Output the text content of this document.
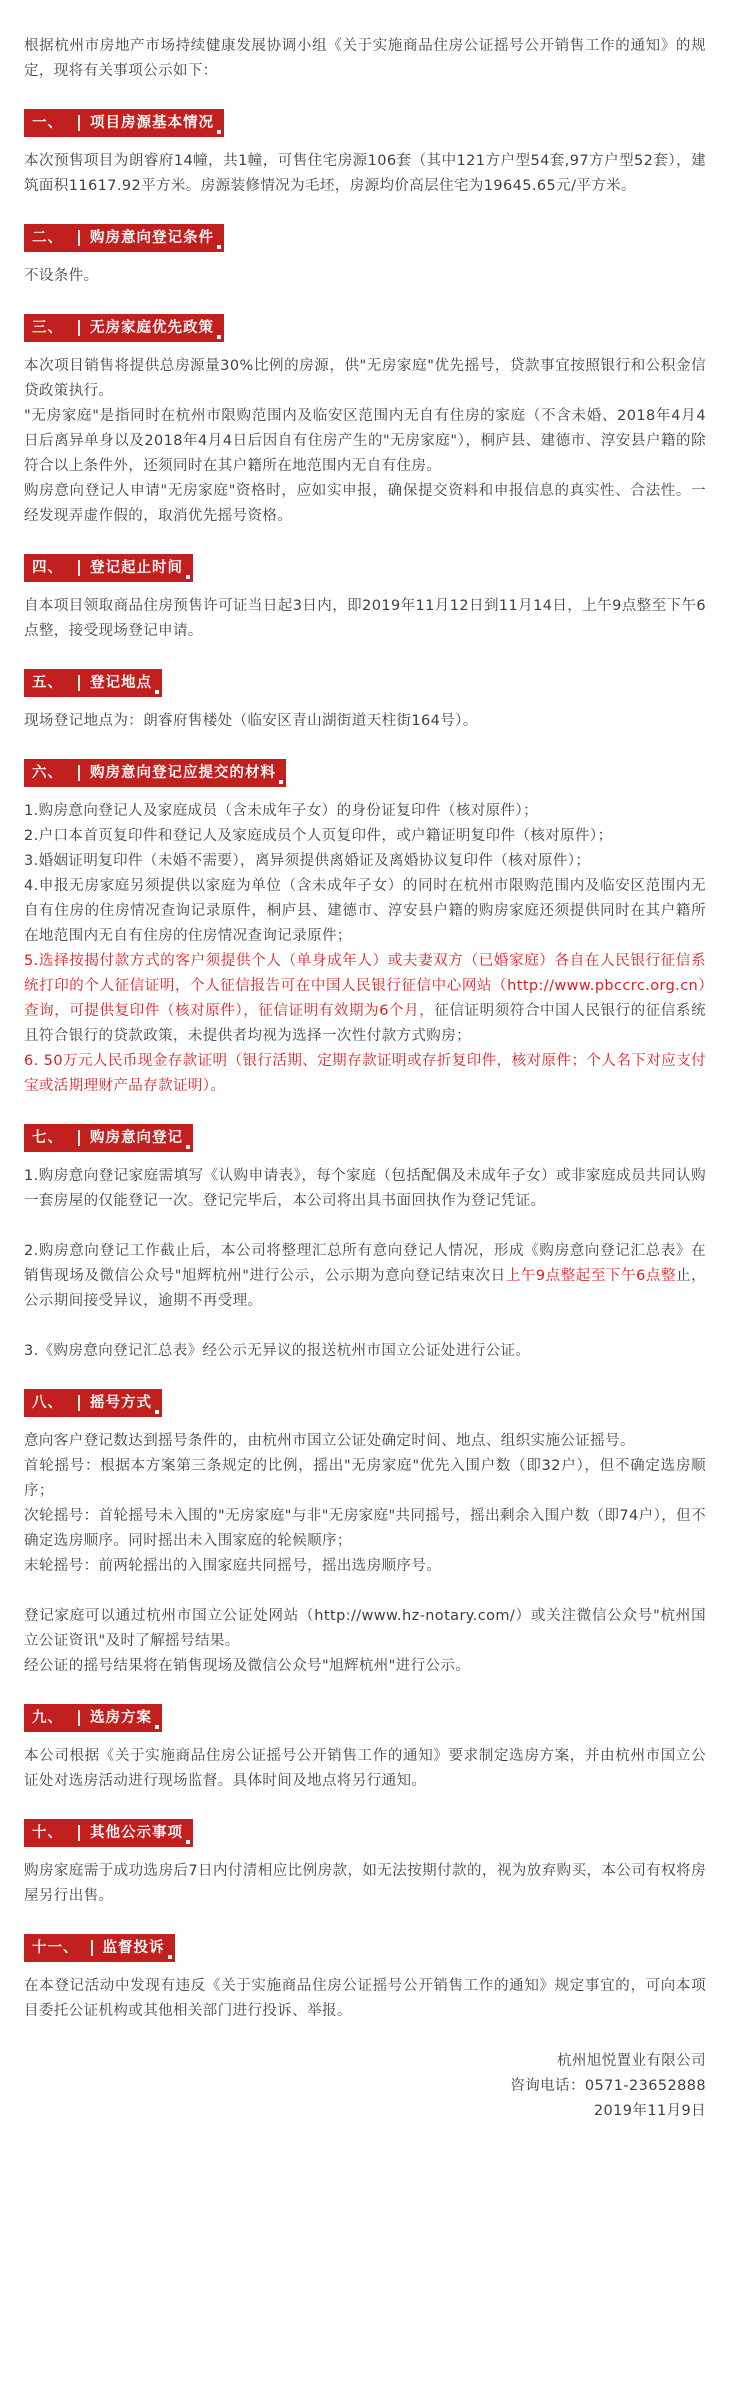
根据杭州市房地产市场持续健康发展协调小组《关于实施商品住房公证摇号公开销售工作的通知》的规定，现将有关事项公示如下：

一、 项目房源基本情况

本次预售项目为朗睿府14幢，共1幢，可售住宅房源106套（其中121方户型54套,97方户型52套），建筑面积11617.92平方米。房源装修情况为毛坯，房源均价高层住宅为19645.65元/平方米。

二、 购房意向登记条件

不设条件。

三、 无房家庭优先政策

本次项目销售将提供总房源量30%比例的房源，供"无房家庭"优先摇号，贷款事宜按照银行和公积金信贷政策执行。

"无房家庭"是指同时在杭州市限购范围内及临安区范围内无自有住房的家庭（不含未婚、2018年4月4日后离异单身以及2018年4月4日后因自有住房产生的"无房家庭"），桐庐县、建德市、淳安县户籍的除符合以上条件外，还须同时在其户籍所在地范围内无自有住房。

购房意向登记人申请"无房家庭"资格时，应如实申报，确保提交资料和申报信息的真实性、合法性。一经发现弄虚作假的，取消优先摇号资格。

四、 登记起止时间

自本项目领取商品住房预售许可证当日起3日内，即2019年11月12日到11月14日，上午9点整至下午6点整，接受现场登记申请。

五、 登记地点

现场登记地点为：朗睿府售楼处（临安区青山湖街道天柱街164号）。

六、 购房意向登记应提交的材料

1.购房意向登记人及家庭成员（含未成年子女）的身份证复印件（核对原件）；

2.户口本首页复印件和登记人及家庭成员个人页复印件，或户籍证明复印件（核对原件）；

3.婚姻证明复印件（未婚不需要），离异须提供离婚证及离婚协议复印件（核对原件）；

4.申报无房家庭另须提供以家庭为单位（含未成年子女）的同时在杭州市限购范围内及临安区范围内无自有住房的住房情况查询记录原件，桐庐县、建德市、淳安县户籍的购房家庭还须提供同时在其户籍所在地范围内无自有住房的住房情况查询记录原件；

5.选择按揭付款方式的客户须提供个人（单身成年人）或夫妻双方（已婚家庭）各自在人民银行征信系统打印的个人征信证明，个人征信报告可在中国人民银行征信中心网站（http://www.pbccrc.org.cn）查询，可提供复印件（核对原件），征信证明有效期为6个月，征信证明须符合中国人民银行的征信系统且符合银行的贷款政策，未提供者均视为选择一次性付款方式购房；

6. 50万元人民币现金存款证明（银行活期、定期存款证明或存折复印件，核对原件；个人名下对应支付宝或活期理财产品存款证明）。

七、 购房意向登记

1.购房意向登记家庭需填写《认购申请表》，每个家庭（包括配偶及未成年子女）或非家庭成员共同认购一套房屋的仅能登记一次。登记完毕后，本公司将出具书面回执作为登记凭证。

2.购房意向登记工作截止后，本公司将整理汇总所有意向登记人情况，形成《购房意向登记汇总表》在销售现场及微信公众号"旭辉杭州"进行公示，公示期为意向登记结束次日上午9点整起至下午6点整止，公示期间接受异议，逾期不再受理。

3.《购房意向登记汇总表》经公示无异议的报送杭州市国立公证处进行公证。

八、 摇号方式

意向客户登记数达到摇号条件的，由杭州市国立公证处确定时间、地点、组织实施公证摇号。

首轮摇号：根据本方案第三条规定的比例，摇出"无房家庭"优先入围户数（即32户），但不确定选房顺序；

次轮摇号：首轮摇号未入围的"无房家庭"与非"无房家庭"共同摇号，摇出剩余入围户数（即74户），但不确定选房顺序。同时摇出未入围家庭的轮候顺序；

末轮摇号：前两轮摇出的入围家庭共同摇号，摇出选房顺序号。

登记家庭可以通过杭州市国立公证处网站（http://www.hz-notary.com/）或关注微信公众号"杭州国立公证资讯"及时了解摇号结果。

经公证的摇号结果将在销售现场及微信公众号"旭辉杭州"进行公示。

九、 选房方案

本公司根据《关于实施商品住房公证摇号公开销售工作的通知》要求制定选房方案，并由杭州市国立公证处对选房活动进行现场监督。具体时间及地点将另行通知。

十、 其他公示事项

购房家庭需于成功选房后7日内付清相应比例房款，如无法按期付款的，视为放弃购买，本公司有权将房屋另行出售。

十一、 监督投诉

在本登记活动中发现有违反《关于实施商品住房公证摇号公开销售工作的通知》规定事宜的，可向本项目委托公证机构或其他相关部门进行投诉、举报。

杭州旭悦置业有限公司

咨询电话：0571-23652888

2019年11月9日
